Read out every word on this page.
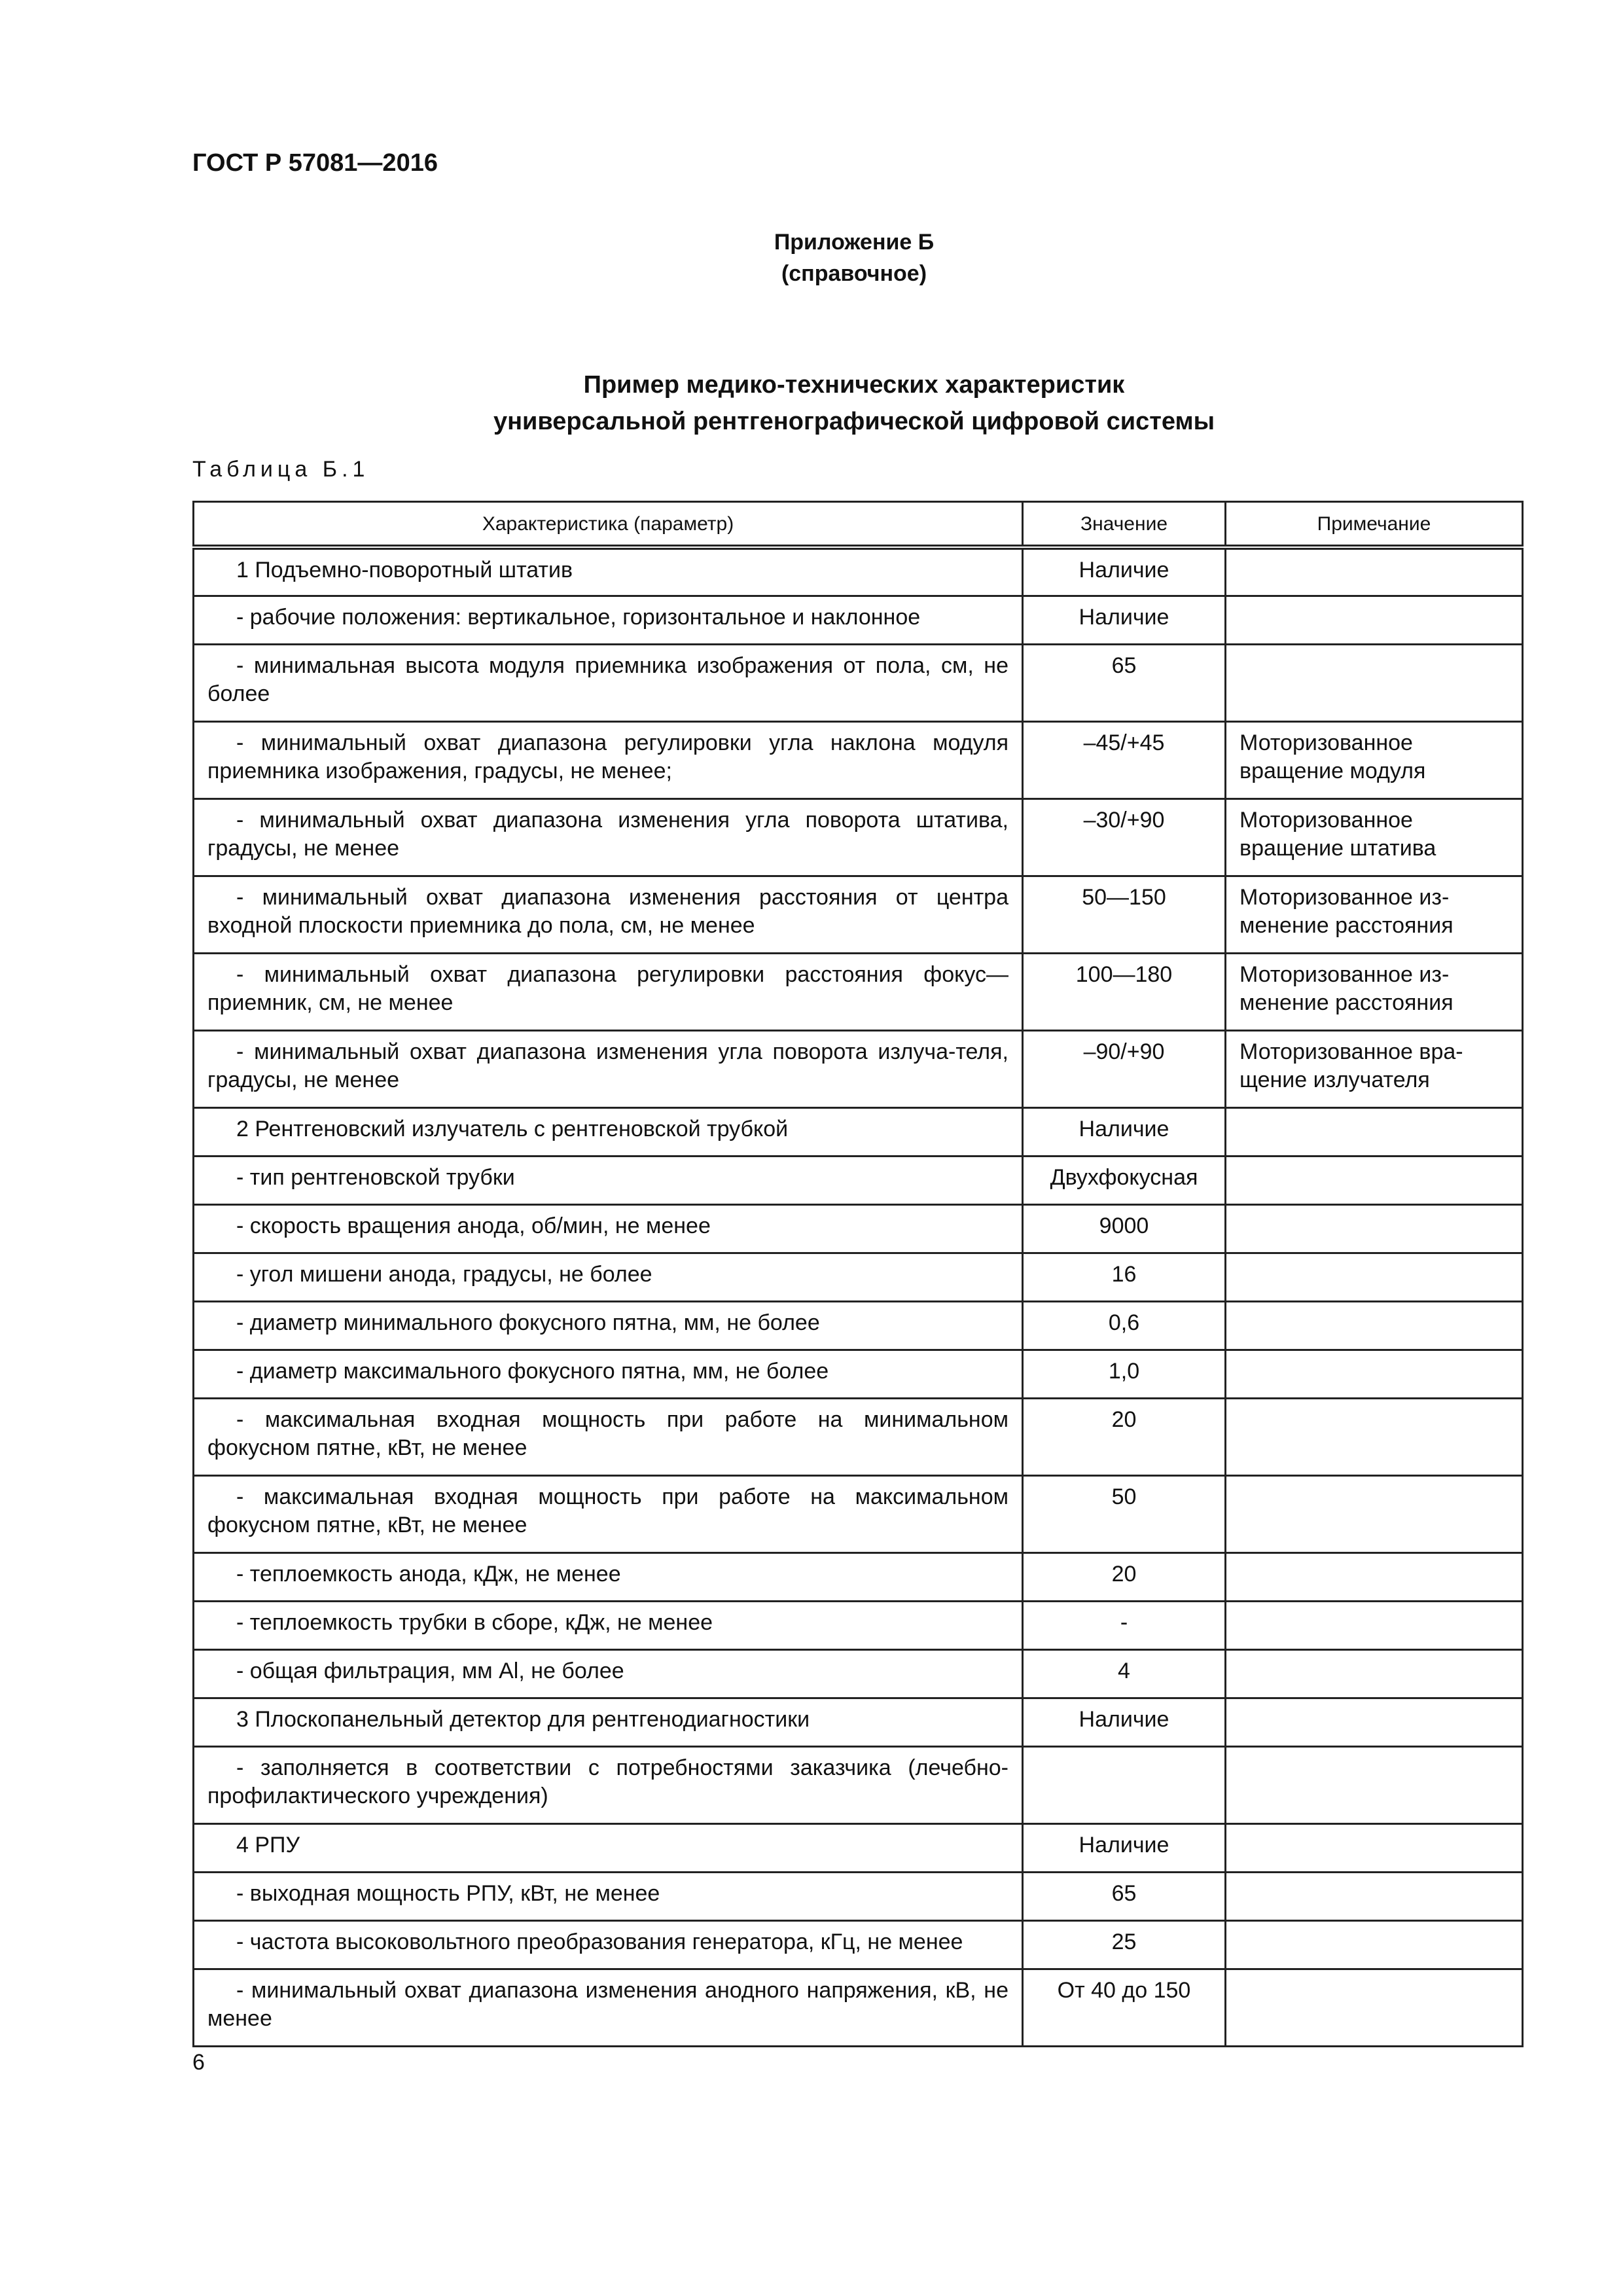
ГОСТ Р 57081—2016
Приложение Б
(справочное)
Пример медико-технических характеристик
универсальной рентгенографической цифровой системы
Таблица Б.1
Характеристика (параметр)	Значение	Примечание
1 Подъемно-поворотный штатив	Наличие	
- рабочие положения: вертикальное, горизонтальное и наклонное	Наличие	
- минимальная высота модуля приемника изображения от пола, см, не более	65	
- минимальный охват диапазона регулировки угла наклона модуля приемника изображения, градусы, не менее;	–45/+45	Моторизованное вращение модуля
- минимальный охват диапазона изменения угла поворота штатива, градусы, не менее	–30/+90	Моторизованное вращение штатива
- минимальный охват диапазона изменения расстояния от центра входной плоскости приемника до пола, см, не менее	50—150	Моторизованное из-менение расстояния
- минимальный охват диапазона регулировки расстояния фокус—приемник, см, не менее	100—180	Моторизованное из-менение расстояния
- минимальный охват диапазона изменения угла поворота излуча-теля, градусы, не менее	–90/+90	Моторизованное вра-щение излучателя
2 Рентгеновский излучатель с рентгеновской трубкой	Наличие	
- тип рентгеновской трубки	Двухфокусная	
- скорость вращения анода, об/мин, не менее	9000	
- угол мишени анода, градусы, не более	16	
- диаметр минимального фокусного пятна, мм, не более	0,6	
- диаметр максимального фокусного пятна, мм, не более	1,0	
- максимальная входная мощность при работе на минимальном фокусном пятне, кВт, не менее	20	
- максимальная входная мощность при работе на максимальном фокусном пятне, кВт, не менее	50	
- теплоемкость анода, кДж, не менее	20	
- теплоемкость трубки в сборе, кДж, не менее	-	
- общая фильтрация, мм Al, не более	4	
3 Плоскопанельный детектор для рентгенодиагностики	Наличие	
- заполняется в соответствии с потребностями заказчика (лечебно-профилактического учреждения)		
4 РПУ	Наличие	
- выходная мощность РПУ, кВт, не менее	65	
- частота высоковольтного преобразования генератора, кГц, не менее	25	
- минимальный охват диапазона изменения анодного напряжения, кВ, не менее	От 40 до 150	
6
